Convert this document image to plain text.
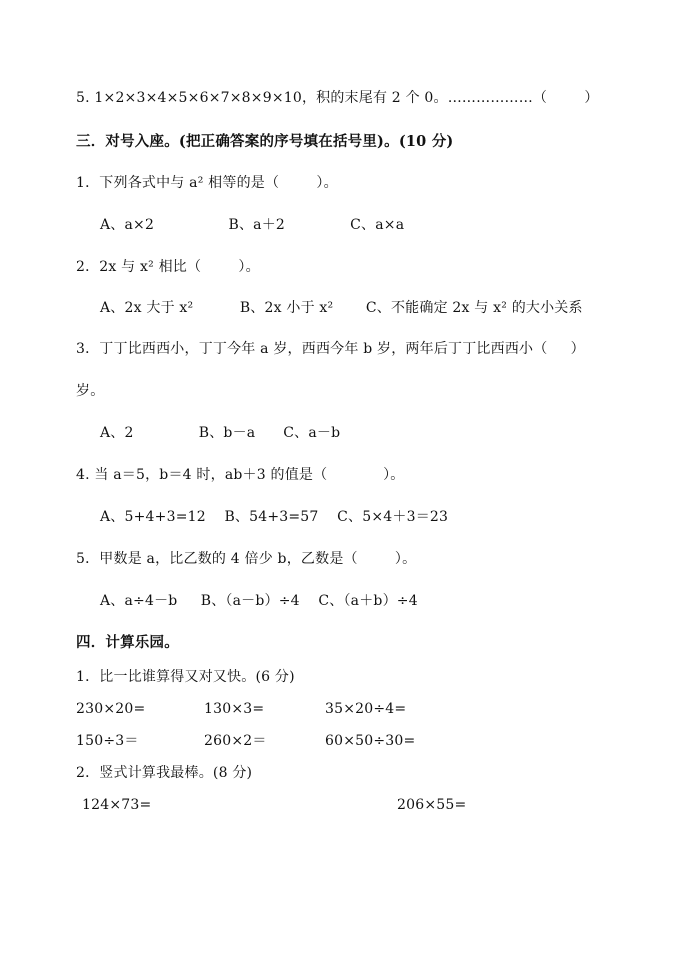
5. 1×2×3×4×5×6×7×8×9×10，积的末尾有 2 个 0。………………（        ）
三．对号入座。(把正确答案的序号填在括号里)。(10 分)
1．下列各式中与 a² 相等的是（        ）。
A、a×2                B、a＋2              C、a×a
2．2x 与 x² 相比（        ）。
A、2x 大于 x²          B、2x 小于 x²       C、不能确定 2x 与 x² 的大小关系
3．丁丁比西西小，丁丁今年 a 岁，西西今年 b 岁，两年后丁丁比西西小（     ）
岁。
A、2              B、b－a      C、a－b
4. 当 a＝5，b＝4 时，ab＋3 的值是（            ）。
A、5+4+3=12    B、54+3=57    C、5×4＋3＝23
5．甲数是 a，比乙数的 4 倍少 b，乙数是（        ）。
A、a÷4－b     B、（a－b）÷4    C、（a＋b）÷4
四．计算乐园。
1．比一比谁算得又对又快。(6 分)
230×20=	130×3=	35×20÷4=
150÷3＝	260×2＝	60×50÷30=
2．竖式计算我最棒。(8 分)
124×73=	206×55=
